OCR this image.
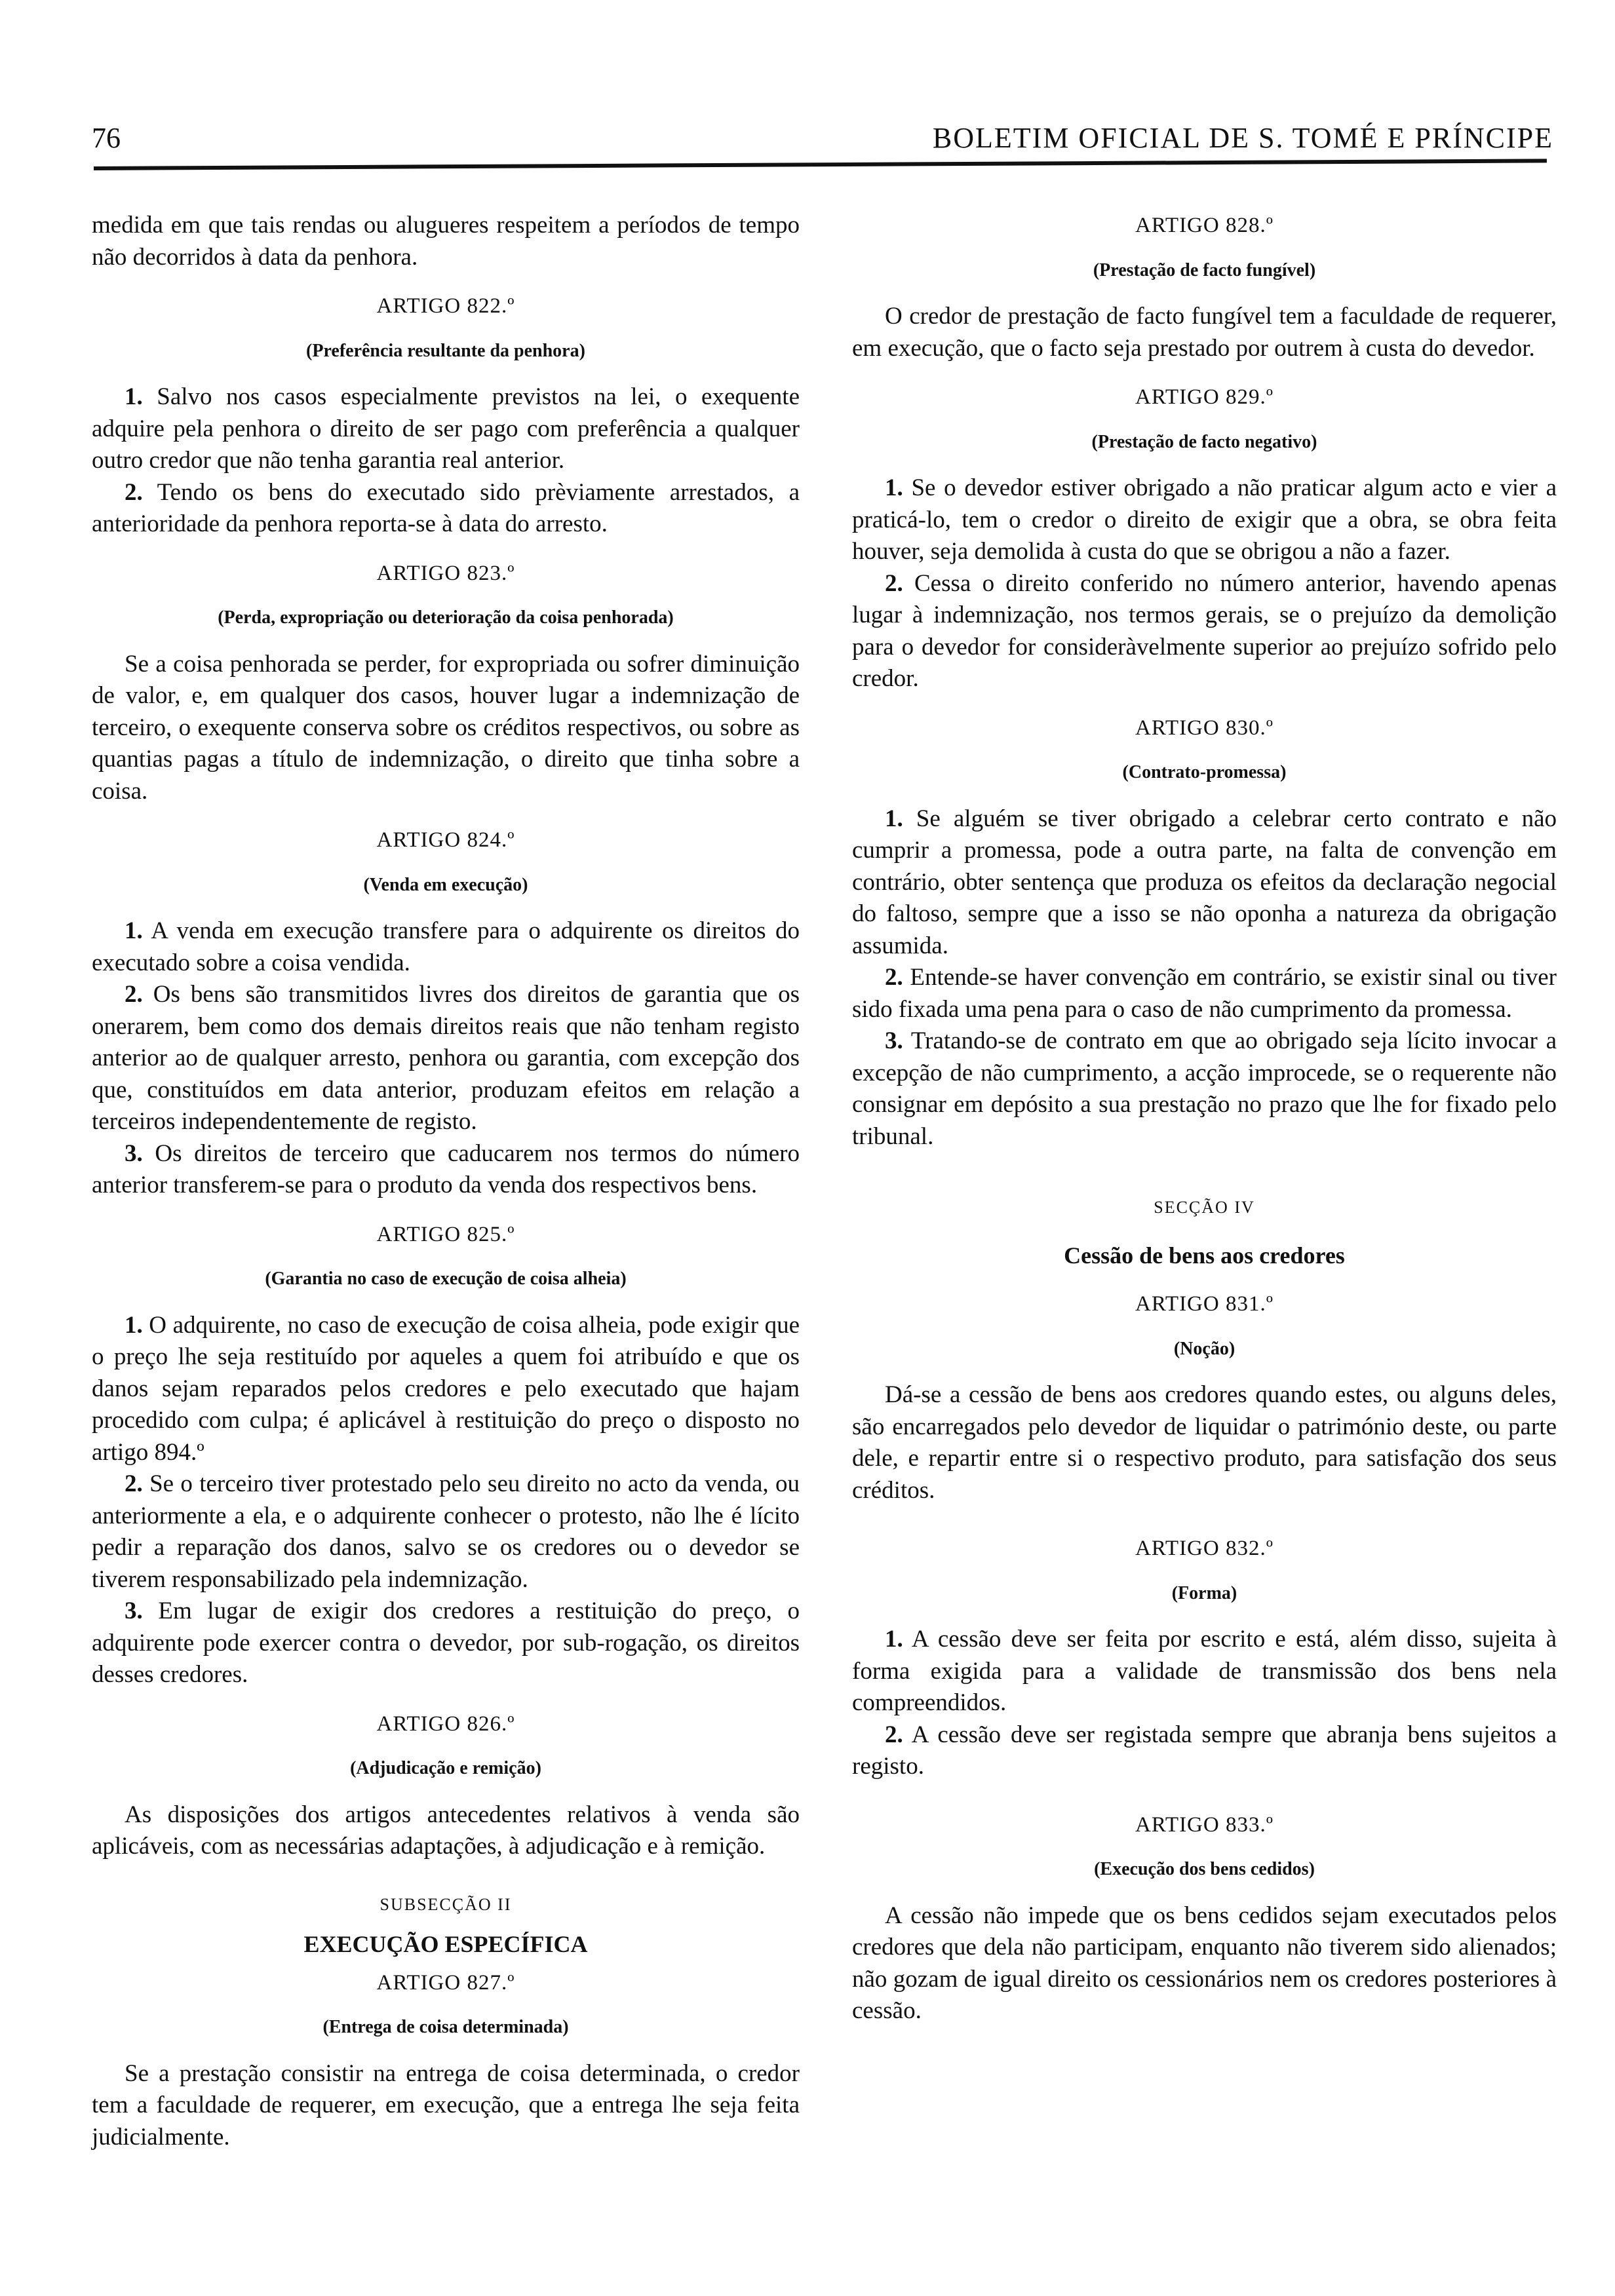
76	BOLETIM OFICIAL DE S. TOMÉ E PRÍNCIPE

medida em que tais rendas ou alugueres respeitem a períodos de tempo não decorridos à data da penhora.

ARTIGO 822.º
(Preferência resultante da penhora)

1. Salvo nos casos especialmente previstos na lei, o exequente adquire pela penhora o direito de ser pago com preferência a qualquer outro credor que não tenha garantia real anterior.

2. Tendo os bens do executado sido prèviamente arrestados, a anterioridade da penhora reporta-se à data do arresto.

ARTIGO 823.º
(Perda, expropriação ou deterioração da coisa penhorada)

Se a coisa penhorada se perder, for expropriada ou sofrer diminuição de valor, e, em qualquer dos casos, houver lugar a indemnização de terceiro, o exequente conserva sobre os créditos respectivos, ou sobre as quantias pagas a título de indemnização, o direito que tinha sobre a coisa.

ARTIGO 824.º
(Venda em execução)

1. A venda em execução transfere para o adquirente os direitos do executado sobre a coisa vendida.

2. Os bens são transmitidos livres dos direitos de garantia que os onerarem, bem como dos demais direitos reais que não tenham registo anterior ao de qualquer arresto, penhora ou garantia, com excepção dos que, constituídos em data anterior, produzam efeitos em relação a terceiros independentemente de registo.

3. Os direitos de terceiro que caducarem nos termos do número anterior transferem-se para o produto da venda dos respectivos bens.

ARTIGO 825.º
(Garantia no caso de execução de coisa alheia)

1. O adquirente, no caso de execução de coisa alheia, pode exigir que o preço lhe seja restituído por aqueles a quem foi atribuído e que os danos sejam reparados pelos credores e pelo executado que hajam procedido com culpa; é aplicável à restituição do preço o disposto no artigo 894.º

2. Se o terceiro tiver protestado pelo seu direito no acto da venda, ou anteriormente a ela, e o adquirente conhecer o protesto, não lhe é lícito pedir a reparação dos danos, salvo se os credores ou o devedor se tiverem responsabilizado pela indemnização.

3. Em lugar de exigir dos credores a restituição do preço, o adquirente pode exercer contra o devedor, por sub-rogação, os direitos desses credores.

ARTIGO 826.º
(Adjudicação e remição)

As disposições dos artigos antecedentes relativos à venda são aplicáveis, com as necessárias adaptações, à adjudicação e à remição.

SUBSECÇÃO II
EXECUÇÃO ESPECÍFICA
ARTIGO 827.º
(Entrega de coisa determinada)

Se a prestação consistir na entrega de coisa determinada, o credor tem a faculdade de requerer, em execução, que a entrega lhe seja feita judicialmente.

ARTIGO 828.º
(Prestação de facto fungível)

O credor de prestação de facto fungível tem a faculdade de requerer, em execução, que o facto seja prestado por outrem à custa do devedor.

ARTIGO 829.º
(Prestação de facto negativo)

1. Se o devedor estiver obrigado a não praticar algum acto e vier a praticá-lo, tem o credor o direito de exigir que a obra, se obra feita houver, seja demolida à custa do que se obrigou a não a fazer.

2. Cessa o direito conferido no número anterior, havendo apenas lugar à indemnização, nos termos gerais, se o prejuízo da demolição para o devedor for consideràvelmente superior ao prejuízo sofrido pelo credor.

ARTIGO 830.º
(Contrato-promessa)

1. Se alguém se tiver obrigado a celebrar certo contrato e não cumprir a promessa, pode a outra parte, na falta de convenção em contrário, obter sentença que produza os efeitos da declaração negocial do faltoso, sempre que a isso se não oponha a natureza da obrigação assumida.

2. Entende-se haver convenção em contrário, se existir sinal ou tiver sido fixada uma pena para o caso de não cumprimento da promessa.

3. Tratando-se de contrato em que ao obrigado seja lícito invocar a excepção de não cumprimento, a acção improcede, se o requerente não consignar em depósito a sua prestação no prazo que lhe for fixado pelo tribunal.

SECÇÃO IV
Cessão de bens aos credores
ARTIGO 831.º
(Noção)

Dá-se a cessão de bens aos credores quando estes, ou alguns deles, são encarregados pelo devedor de liquidar o património deste, ou parte dele, e repartir entre si o respectivo produto, para satisfação dos seus créditos.

ARTIGO 832.º
(Forma)

1. A cessão deve ser feita por escrito e está, além disso, sujeita à forma exigida para a validade de transmissão dos bens nela compreendidos.

2. A cessão deve ser registada sempre que abranja bens sujeitos a registo.

ARTIGO 833.º
(Execução dos bens cedidos)

A cessão não impede que os bens cedidos sejam executados pelos credores que dela não participam, enquanto não tiverem sido alienados; não gozam de igual direito os cessionários nem os credores posteriores à cessão.
